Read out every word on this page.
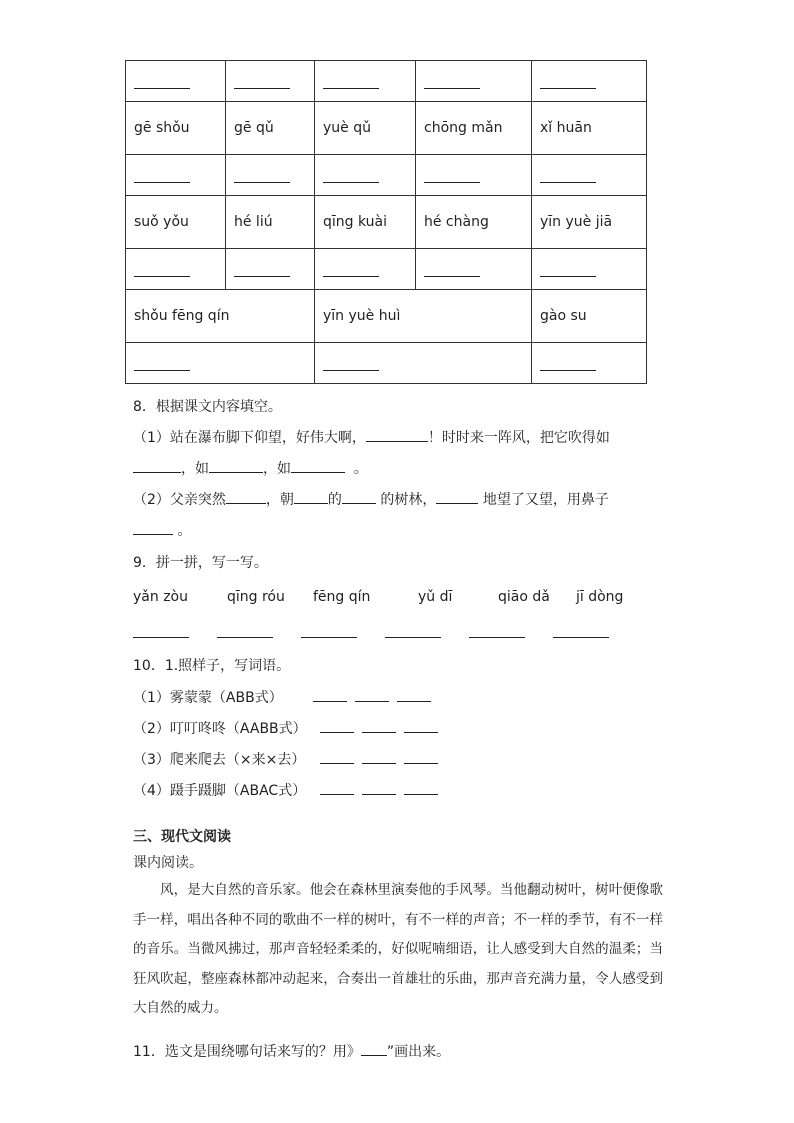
gē shǒu	gē qǔ	yuè qǔ	chōng mǎn	xǐ huān

suǒ yǒu	hé liú	qīng kuài	hé chàng	yīn yuè jiā

shǒu fēng qín		yīn yuè huì		gào su

8．根据课文内容填空。
（1）站在瀑布脚下仰望，好伟大啊，	！时时来一阵风，把它吹得如
，如	，如	。
（2）父亲突然	，朝 的	的树林，	地望了又望，用鼻子
。
9．拼一拼，写一写。
yǎn zòu	qīng róu fēng qín	yǔ dī	qiāo dǎ jī dòng
10．1.照样子，写词语。
（1）雾蒙蒙（ABB式）
（2）叮叮咚咚（AABB式）
（3）爬来爬去（×来×去）
（4）蹑手蹑脚（ABAC式）
三、现代文阅读
课内阅读。
风，是大自然的音乐家。他会在森林里演奏他的手风琴。当他翻动树叶，树叶便像歌手一样，唱出各种不同的歌曲不一样的树叶，有不一样的声音；不一样的季节，有不一样的音乐。当微风拂过，那声音轻轻柔柔的，好似呢喃细语，让人感受到大自然的温柔；当狂风吹起，整座森林都冲动起来，合奏出一首雄壮的乐曲，那声音充满力量，令人感受到大自然的威力。
11．选文是围绕哪句话来写的？用》 ”画出来。
